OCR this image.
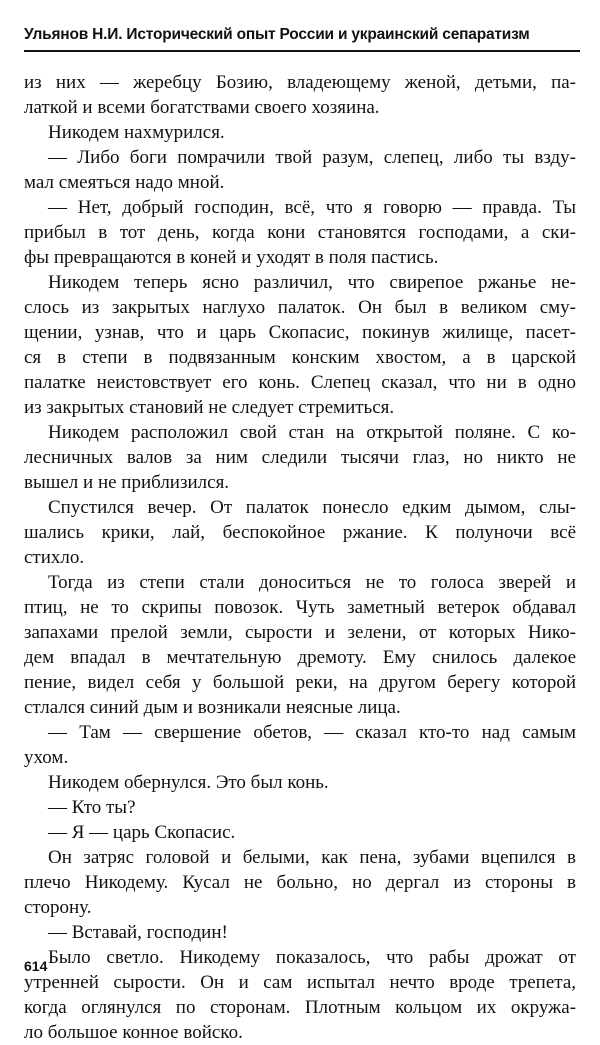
Ульянов Н.И. Исторический опыт России и украинский сепаратизм
из них — жеребцу Бозию, владеющему женой, детьми, па-
латкой и всеми богатствами своего хозяина.
Никодем нахмурился.
— Либо боги помрачили твой разум, слепец, либо ты взду-
мал смеяться надо мной.
— Нет, добрый господин, всё, что я говорю — правда. Ты
прибыл в тот день, когда кони становятся господами, а ски-
фы превращаются в коней и уходят в поля пастись.
Никодем теперь ясно различил, что свирепое ржанье не-
слось из закрытых наглухо палаток. Он был в великом сму-
щении, узнав, что и царь Скопасис, покинув жилище, пасет-
ся в степи в подвязанным конским хвостом, а в царской
палатке неистовствует его конь. Слепец сказал, что ни в одно
из закрытых становий не следует стремиться.
Никодем расположил свой стан на открытой поляне. С ко-
лесничных валов за ним следили тысячи глаз, но никто не
вышел и не приблизился.
Спустился вечер. От палаток понесло едким дымом, слы-
шались крики, лай, беспокойное ржание. К полуночи всё
стихло.
Тогда из степи стали доноситься не то голоса зверей и
птиц, не то скрипы повозок. Чуть заметный ветерок обдавал
запахами прелой земли, сырости и зелени, от которых Нико-
дем впадал в мечтательную дремоту. Ему снилось далекое
пение, видел себя у большой реки, на другом берегу которой
стлался синий дым и возникали неясные лица.
— Там — свершение обетов, — сказал кто-то над самым
ухом.
Никодем обернулся. Это был конь.
— Кто ты?
— Я — царь Скопасис.
Он затряс головой и белыми, как пена, зубами вцепился в
плечо Никодему. Кусал не больно, но дергал из стороны в
сторону.
— Вставай, господин!
Было светло. Никодему показалось, что рабы дрожат от
утренней сырости. Он и сам испытал нечто вроде трепета,
когда оглянулся по сторонам. Плотным кольцом их окружа-
ло большое конное войско.
614
